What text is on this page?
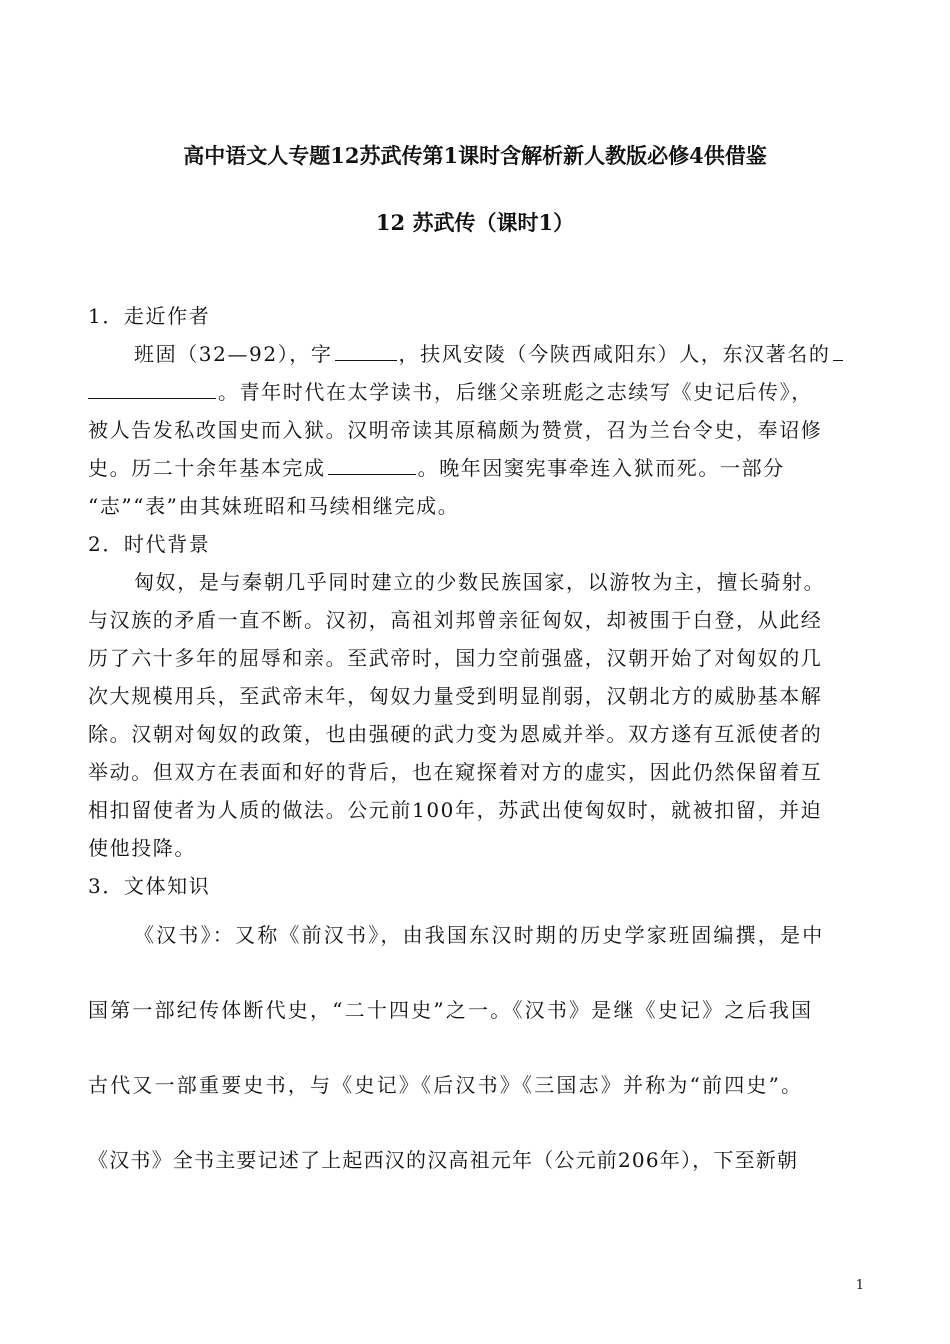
高中语文人专题12苏武传第1课时含解析新人教版必修4供借鉴
12 苏武传（课时1）
1．走近作者
班固（32—92），字	，扶风安陵（今陕西咸阳东）人，东汉著名的
。青年时代在太学读书，后继父亲班彪之志续写《史记后传》，
被人告发私改国史而入狱。汉明帝读其原稿颇为赞赏，召为兰台令史，奉诏修
史。历二十余年基本完成	。晚年因窦宪事牵连入狱而死。一部分
“志”“表”由其妹班昭和马续相继完成。
2．时代背景
匈奴，是与秦朝几乎同时建立的少数民族国家，以游牧为主，擅长骑射。
与汉族的矛盾一直不断。汉初，高祖刘邦曾亲征匈奴，却被围于白登，从此经
历了六十多年的屈辱和亲。至武帝时，国力空前强盛，汉朝开始了对匈奴的几
次大规模用兵，至武帝末年，匈奴力量受到明显削弱，汉朝北方的威胁基本解
除。汉朝对匈奴的政策，也由强硬的武力变为恩威并举。双方遂有互派使者的
举动。但双方在表面和好的背后，也在窥探着对方的虚实，因此仍然保留着互
相扣留使者为人质的做法。公元前100年，苏武出使匈奴时，就被扣留，并迫
使他投降。
3．文体知识
《汉书》：又称《前汉书》，由我国东汉时期的历史学家班固编撰，是中
国第一部纪传体断代史，“二十四史”之一。《汉书》是继《史记》之后我国
古代又一部重要史书，与《史记》《后汉书》《三国志》并称为“前四史”。
《汉书》全书主要记述了上起西汉的汉高祖元年（公元前206年），下至新朝
1
